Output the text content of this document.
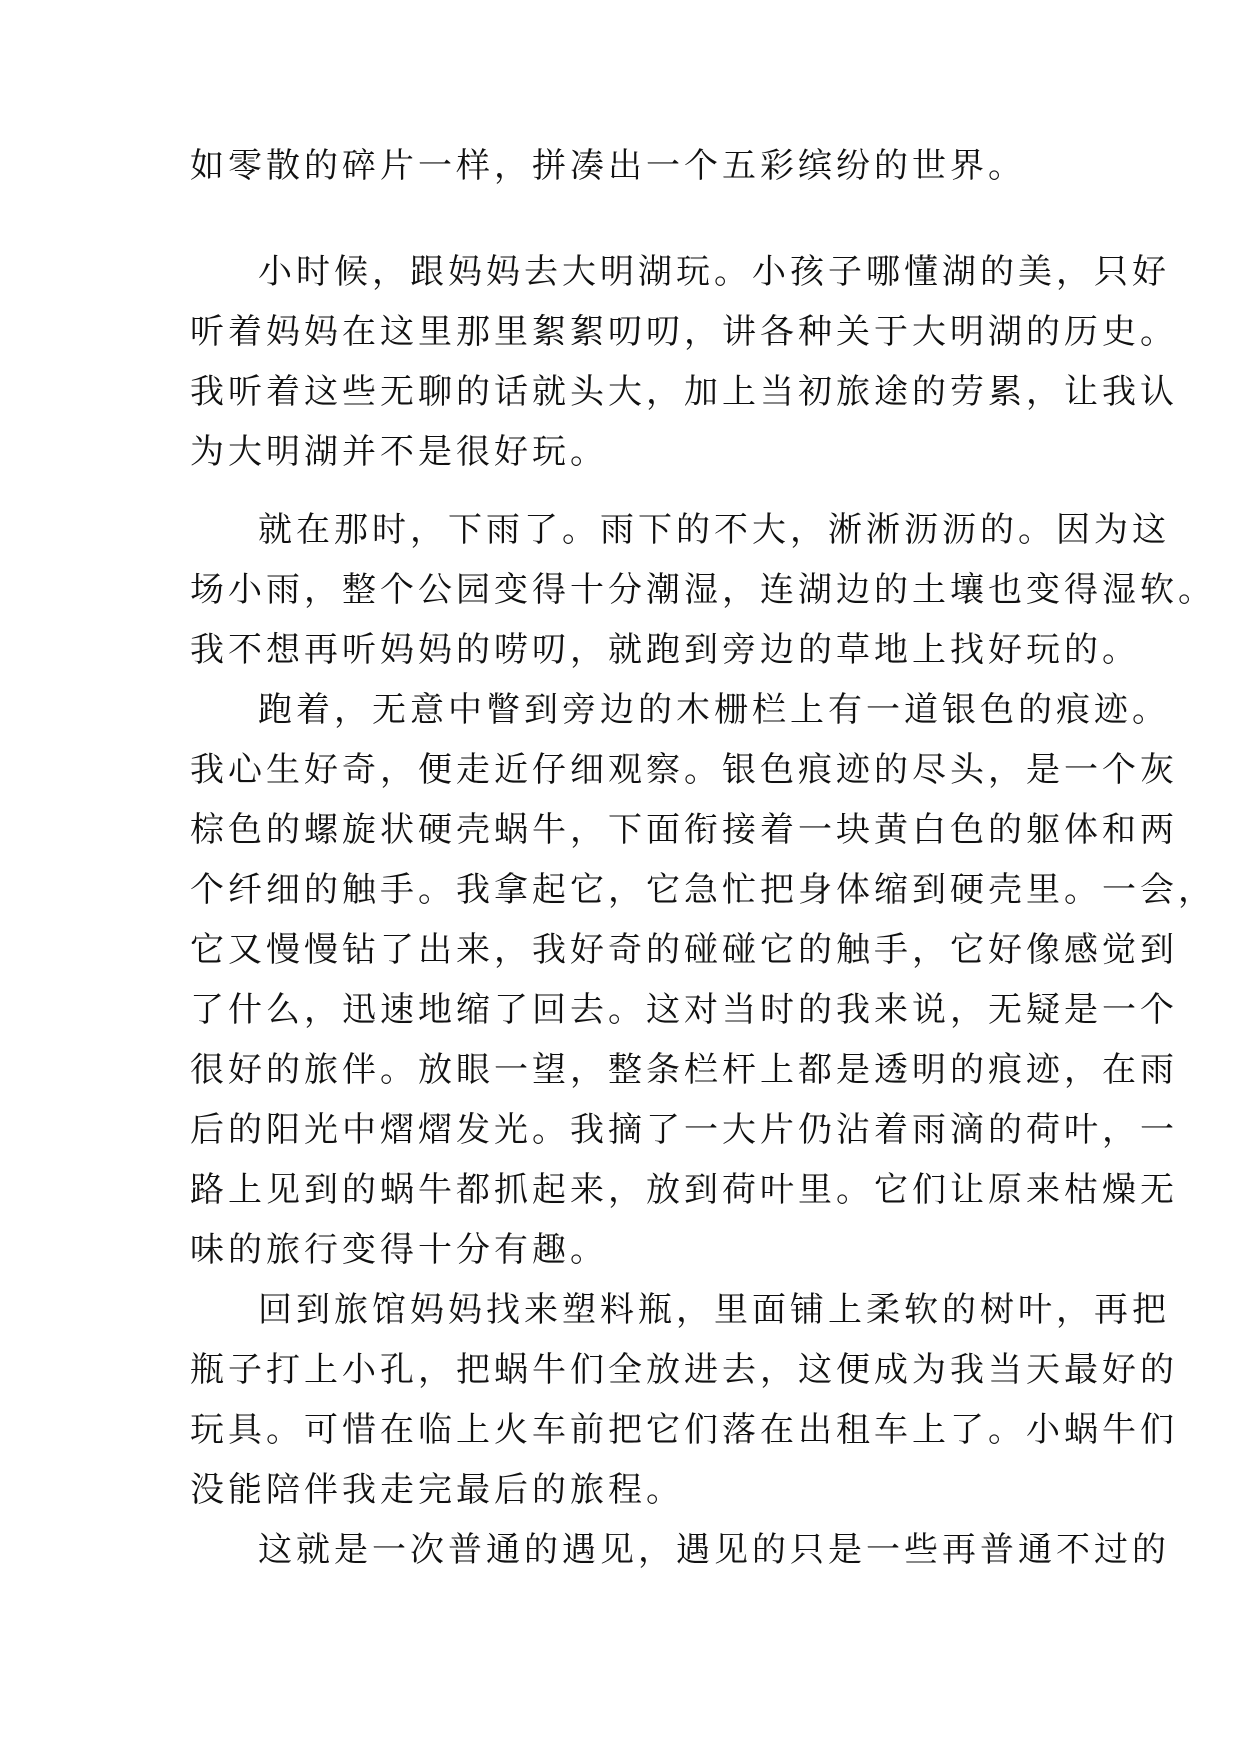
如零散的碎片一样，拼凑出一个五彩缤纷的世界。
小时候，跟妈妈去大明湖玩。小孩子哪懂湖的美，只好
听着妈妈在这里那里絮絮叨叨，讲各种关于大明湖的历史。
我听着这些无聊的话就头大，加上当初旅途的劳累，让我认
为大明湖并不是很好玩。
就在那时，下雨了。雨下的不大，淅淅沥沥的。因为这
场小雨，整个公园变得十分潮湿，连湖边的土壤也变得湿软。
我不想再听妈妈的唠叨，就跑到旁边的草地上找好玩的。
跑着，无意中瞥到旁边的木栅栏上有一道银色的痕迹。
我心生好奇，便走近仔细观察。银色痕迹的尽头，是一个灰
棕色的螺旋状硬壳蜗牛，下面衔接着一块黄白色的躯体和两
个纤细的触手。我拿起它，它急忙把身体缩到硬壳里。一会，
它又慢慢钻了出来，我好奇的碰碰它的触手，它好像感觉到
了什么，迅速地缩了回去。这对当时的我来说，无疑是一个
很好的旅伴。放眼一望，整条栏杆上都是透明的痕迹，在雨
后的阳光中熠熠发光。我摘了一大片仍沾着雨滴的荷叶，一
路上见到的蜗牛都抓起来，放到荷叶里。它们让原来枯燥无
味的旅行变得十分有趣。
回到旅馆妈妈找来塑料瓶，里面铺上柔软的树叶，再把
瓶子打上小孔，把蜗牛们全放进去，这便成为我当天最好的
玩具。可惜在临上火车前把它们落在出租车上了。小蜗牛们
没能陪伴我走完最后的旅程。
这就是一次普通的遇见，遇见的只是一些再普通不过的
